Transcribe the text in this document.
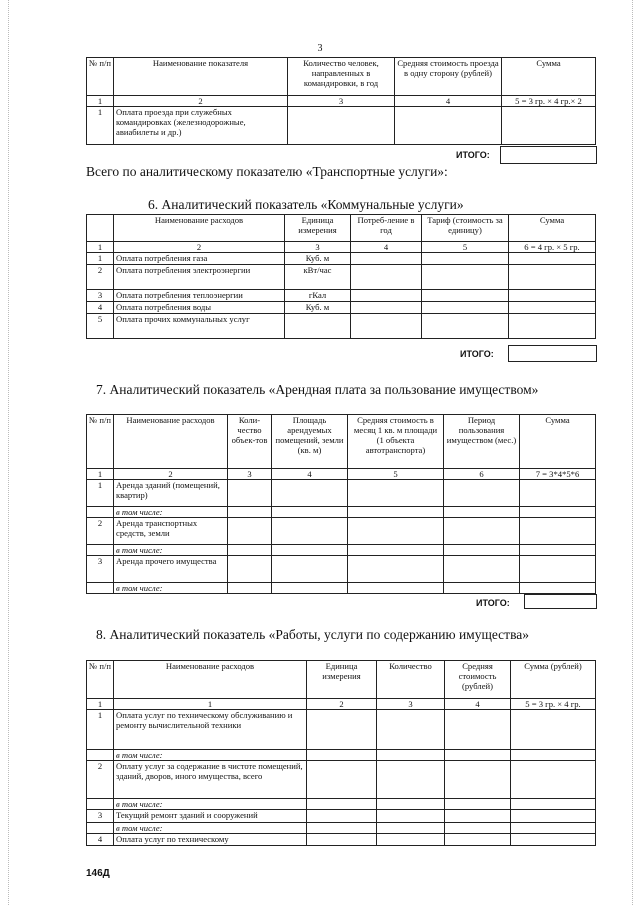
3
№ п/п	Наименование показателя	Количество человек, направленных в командировки, в год	Средняя стоимость проезда в одну сторону (рублей)	Сумма
1	2	3	4	5 = 3 гр. × 4 гр.× 2
1	Оплата проезда при служебных командировках (железнодорожные, авиабилеты и др.)			
ИТОГО:
Всего по аналитическому показателю «Транспортные услуги»:
6. Аналитический показатель «Коммунальные услуги»
	Наименование расходов	Единица измерения	Потреб-ление в год	Тариф (стоимость за единицу)	Сумма
1	2	3	4	5	6 = 4 гр. × 5 гр.
1	Оплата потребления газа	Куб. м			
2	Оплата потребления электроэнергии	кВт/час			
3	Оплата потребления теплоэнергии	гКал			
4	Оплата потребления воды	Куб. м			
5	Оплата прочих коммунальных услуг				
ИТОГО:
7. Аналитический показатель «Арендная плата за пользование имуществом»
№ п/п	Наименование расходов	Коли-чество объек-тов	Площадь арендуемых помещений, земли (кв. м)	Средняя стоимость в месяц 1 кв. м площади (1 объекта автотранспорта)	Период пользования имуществом (мес.)	Сумма
1	2	3	4	5	6	7 = 3*4*5*6
1	Аренда зданий (помещений, квартир)					
	в том числе:					
2	Аренда транспортных средств, земли					
	в том числе:					
3	Аренда прочего имущества					
	в том числе:					
ИТОГО:
8. Аналитический показатель «Работы, услуги по содержанию имущества»
№ п/п	Наименование расходов	Единица измерения	Количество	Средняя стоимость (рублей)	Сумма (рублей)
1	1	2	3	4	5 = 3 гр. × 4 гр.
1	Оплата услуг по техническому обслуживанию и ремонту вычислительной техники				
	в том числе:				
2	Оплату услуг за содержание в чистоте помещений, зданий, дворов, иного имущества, всего				
	в том числе:				
3	Текущий ремонт зданий и сооружений				
	в том числе:				
4	Оплата услуг по техническому				
146Д
